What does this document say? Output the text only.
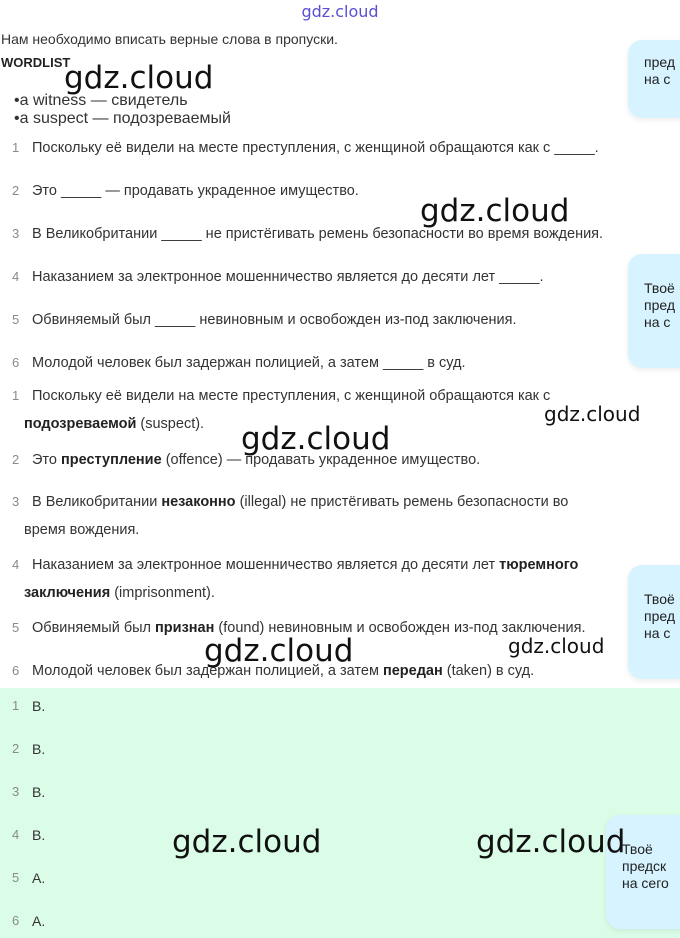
gdz.cloud
Нам необходимо вписать верные слова в пропуски.
WORDLIST
•a witness — свидетель
•a suspect — подозреваемый
1 Поскольку её видели на месте преступления, с женщиной обращаются как с _____.
2 Это _____ — продавать украденное имущество.
3 В Великобритании _____ не пристёгивать ремень безопасности во время вождения.
4 Наказанием за электронное мошенничество является до десяти лет _____.
5 Обвиняемый был _____ невиновным и освобожден из-под заключения.
6 Молодой человек был задержан полицией, а затем _____ в суд.
1 Поскольку её видели на месте преступления, с женщиной обращаются как с
подозреваемой (suspect).
2 Это преступление (offence) — продавать украденное имущество.
3 В Великобритании незаконно (illegal) не пристёгивать ремень безопасности во
время вождения.
4 Наказанием за электронное мошенничество является до десяти лет тюремного
заключения (imprisonment).
5 Обвиняемый был признан (found) невиновным и освобожден из-под заключения.
6 Молодой человек был задержан полицией, а затем передан (taken) в суд.
1 B.
2 B.
3 B.
4 B.
5 A.
6 A.
пред
на с
Твоё
пред
на с
Твоё
пред
на с
Твоё
предск
на сего
gdz.cloud
gdz.cloud
gdz.cloud
gdz.cloud
gdz.cloud
gdz.cloud
gdz.cloud	gdz.cloud
